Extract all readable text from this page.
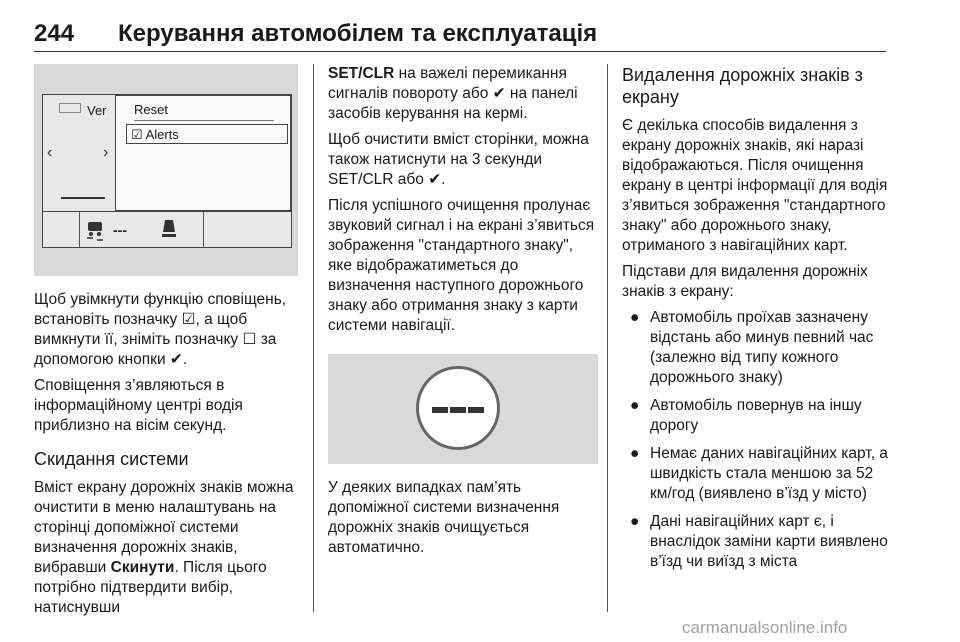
244 Керування автомобілем та експлуатація
Ver
‹	›
Reset
☑ Alerts
---

Щоб увімкнути функцію сповіщень, встановіть позначку ☑, а щоб вимкнути її, зніміть позначку ☐ за допомогою кнопки ✔.

Сповіщення з’являються в інформаційному центрі водія приблизно на вісім секунд.

Скидання системи

Вміст екрану дорожніх знаків можна очистити в меню налаштувань на сторінці допоміжної системи визначення дорожніх знаків, вибравши Скинути. Після цього потрібно підтвердити вибір, натиснувши

SET/CLR на важелі перемикання сигналів повороту або ✔ на панелі засобів керування на кермі.

Щоб очистити вміст сторінки, можна також натиснути на 3 секунди SET/CLR або ✔.

Після успішного очищення пролунає звуковий сигнал і на екрані з’явиться зображення "стандартного знаку", яке відображатиметься до визначення наступного дорожнього знаку або отримання знаку з карти системи навігації.

У деяких випадках пам’ять допоміжної системи визначення дорожніх знаків очищується автоматично.

Видалення дорожніх знаків з екрану

Є декілька способів видалення з екрану дорожніх знаків, які наразі відображаються. Після очищення екрану в центрі інформації для водія з’явиться зображення "стандартного знаку" або дорожнього знаку, отриманого з навігаційних карт.

Підстави для видалення дорожніх знаків з екрану:

● Автомобіль проїхав зазначену відстань або минув певний час (залежно від типу кожного дорожнього знаку)
● Автомобіль повернув на іншу дорогу
● Немає даних навігаційних карт, а швидкість стала меншою за 52 км/год (виявлено в’їзд у місто)
● Дані навігаційних карт є, і внаслідок заміни карти виявлено в’їзд чи виїзд з міста
carmanualsonline.info
